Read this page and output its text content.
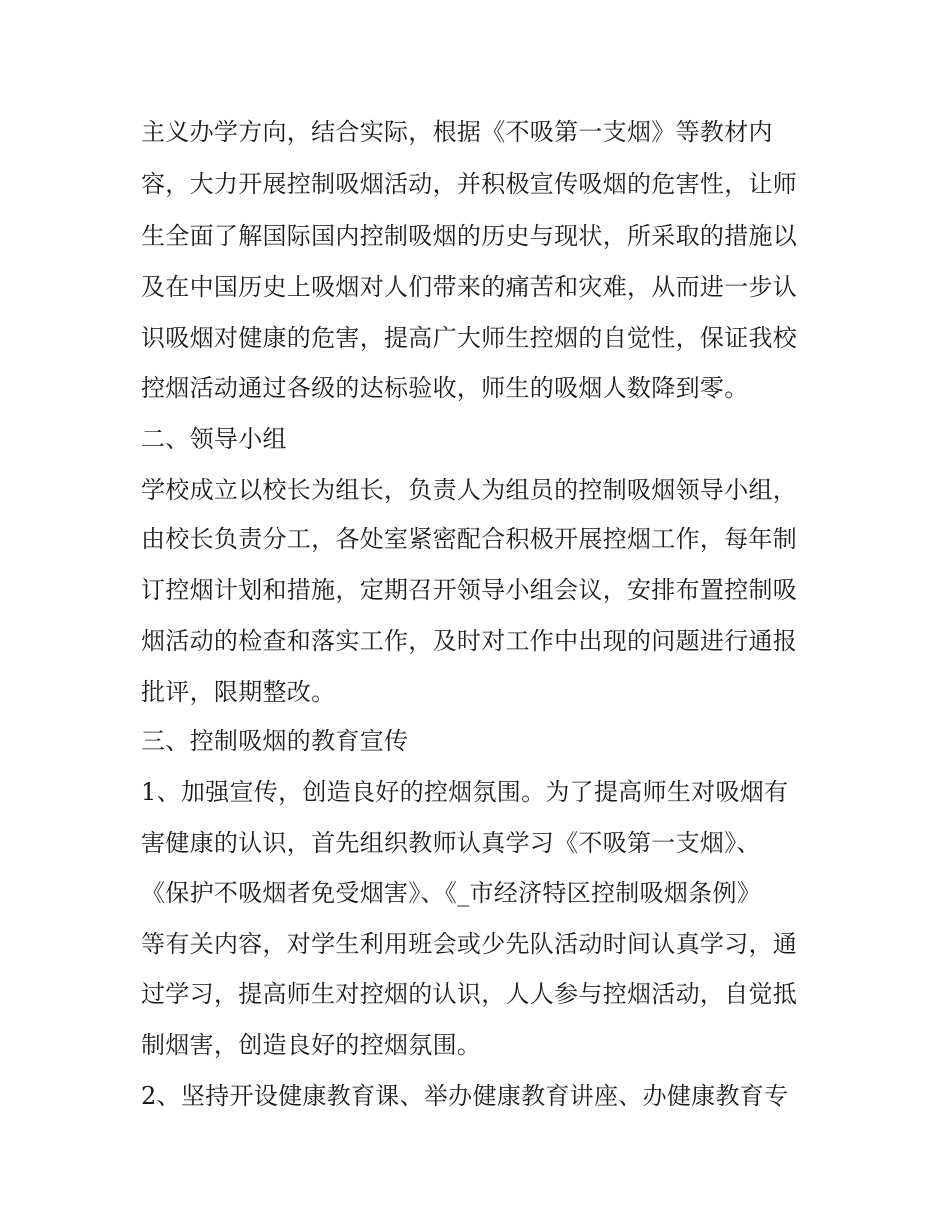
主义办学方向，结合实际，根据《不吸第一支烟》等教材内
容，大力开展控制吸烟活动，并积极宣传吸烟的危害性，让师
生全面了解国际国内控制吸烟的历史与现状，所采取的措施以
及在中国历史上吸烟对人们带来的痛苦和灾难，从而进一步认
识吸烟对健康的危害，提高广大师生控烟的自觉性，保证我校
控烟活动通过各级的达标验收，师生的吸烟人数降到零。
二、领导小组
学校成立以校长为组长，负责人为组员的控制吸烟领导小组，
由校长负责分工，各处室紧密配合积极开展控烟工作，每年制
订控烟计划和措施，定期召开领导小组会议，安排布置控制吸
烟活动的检查和落实工作，及时对工作中出现的问题进行通报
批评，限期整改。
三、控制吸烟的教育宣传
1、加强宣传，创造良好的控烟氛围。为了提高师生对吸烟有
害健康的认识，首先组织教师认真学习《不吸第一支烟》、
《保护不吸烟者免受烟害》、《_市经济特区控制吸烟条例》
等有关内容，对学生利用班会或少先队活动时间认真学习，通
过学习，提高师生对控烟的认识，人人参与控烟活动，自觉抵
制烟害，创造良好的控烟氛围。
2、坚持开设健康教育课、举办健康教育讲座、办健康教育专
